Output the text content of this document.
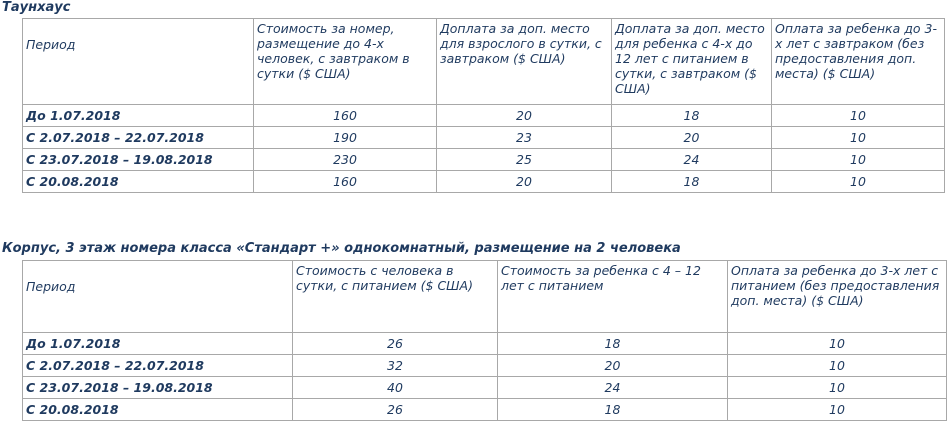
Таунхаус
Период	Стоимость за номер, размещение до 4-х человек, с завтраком в сутки ($ США)	Доплата за доп. место для взрослого в сутки, с завтраком ($ США)	Доплата за доп. место для ребенка с 4-х до 12 лет с питанием в сутки, с завтраком ($ США)	Оплата за ребенка до 3-х лет с завтраком (без предоставления доп. места) ($ США)
До 1.07.2018	160	20	18	10
С 2.07.2018 – 22.07.2018	190	23	20	10
С 23.07.2018 – 19.08.2018	230	25	24	10
С 20.08.2018	160	20	18	10
Корпус, 3 этаж номера класса «Стандарт +» однокомнатный, размещение на 2 человека
Период	Стоимость с человека в сутки, с питанием ($ США)	Стоимость за ребенка с 4 – 12 лет с питанием	Оплата за ребенка до 3-х лет с питанием (без предоставления доп. места) ($ США)
До 1.07.2018	26	18	10
С 2.07.2018 – 22.07.2018	32	20	10
С 23.07.2018 – 19.08.2018	40	24	10
С 20.08.2018	26	18	10
